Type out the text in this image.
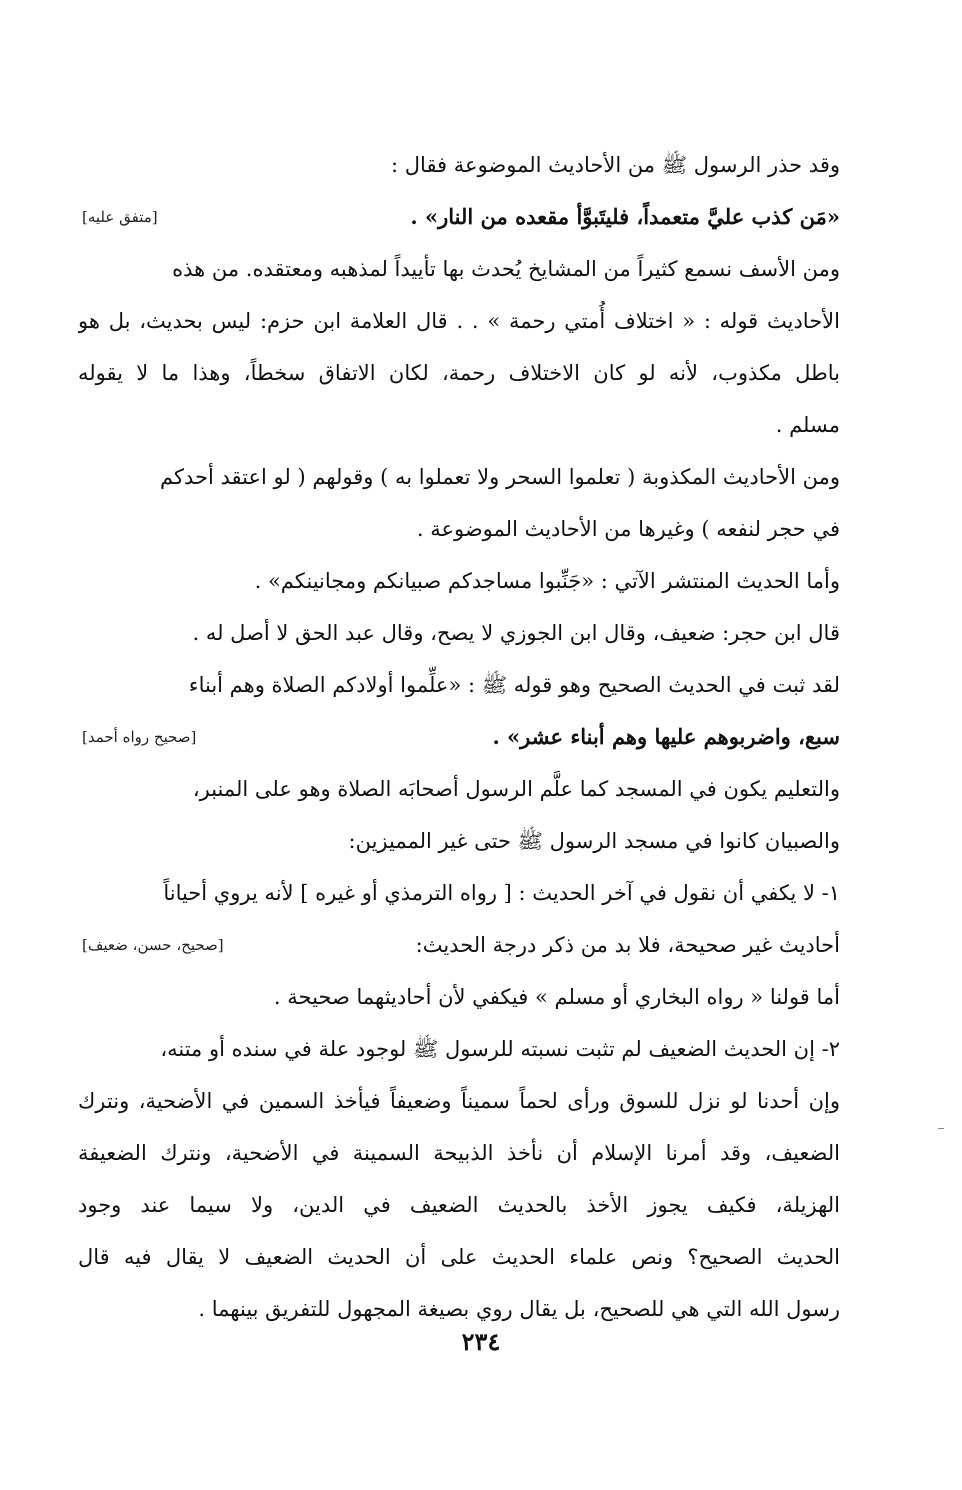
وقد حذر الرسول ﷺ من الأحاديث الموضوعة فقال :
«مَن كذب عليَّ متعمداً، فليتَبوَّأ مقعده من النار» .
[متفق عليه]
ومن الأسف نسمع كثيراً من المشايخ يُحدث بها تأييداً لمذهبه ومعتقده. من هذه
الأحاديث قوله : « اختلاف أُمتي رحمة » . . قال العلامة ابن حزم: ليس بحديث، بل هو
باطل مكذوب، لأنه لو كان الاختلاف رحمة، لكان الاتفاق سخطاً، وهذا ما لا يقوله
مسلم .
ومن الأحاديث المكذوبة ( تعلموا السحر ولا تعملوا به ) وقولهم ( لو اعتقد أحدكم
في حجر لنفعه ) وغيرها من الأحاديث الموضوعة .
وأما الحديث المنتشر الآتي : «جَنِّبوا مساجدكم صبيانكم ومجانينكم» .
قال ابن حجر: ضعيف، وقال ابن الجوزي لا يصح، وقال عبد الحق لا أصل له .
لقد ثبت في الحديث الصحيح وهو قوله ﷺ : «علِّموا أولادكم الصلاة وهم أبناء
سبع، واضربوهم عليها وهم أبناء عشر» .
[صحيح رواه أحمد]
والتعليم يكون في المسجد كما علَّم الرسول أصحابَه الصلاة وهو على المنبر،
والصبيان كانوا في مسجد الرسول ﷺ حتى غير المميزين:
١- لا يكفي أن نقول في آخر الحديث : [ رواه الترمذي أو غيره ] لأنه يروي أحياناً
أحاديث غير صحيحة، فلا بد من ذكر درجة الحديث:
[صحيح، حسن، ضعيف]
أما قولنا « رواه البخاري أو مسلم » فيكفي لأن أحاديثهما صحيحة .
٢- إن الحديث الضعيف لم تثبت نسبته للرسول ﷺ لوجود علة في سنده أو متنه،
وإن أحدنا لو نزل للسوق ورأى لحماً سميناً وضعيفاً فيأخذ السمين في الأضحية، ونترك
الضعيف، وقد أمرنا الإسلام أن نأخذ الذبيحة السمينة في الأضحية، ونترك الضعيفة
الهزيلة، فكيف يجوز الأخذ بالحديث الضعيف في الدين، ولا سيما عند وجود
الحديث الصحيح؟ ونص علماء الحديث على أن الحديث الضعيف لا يقال فيه قال
رسول الله التي هي للصحيح، بل يقال روي بصيغة المجهول للتفريق بينهما .
٢٣٤
